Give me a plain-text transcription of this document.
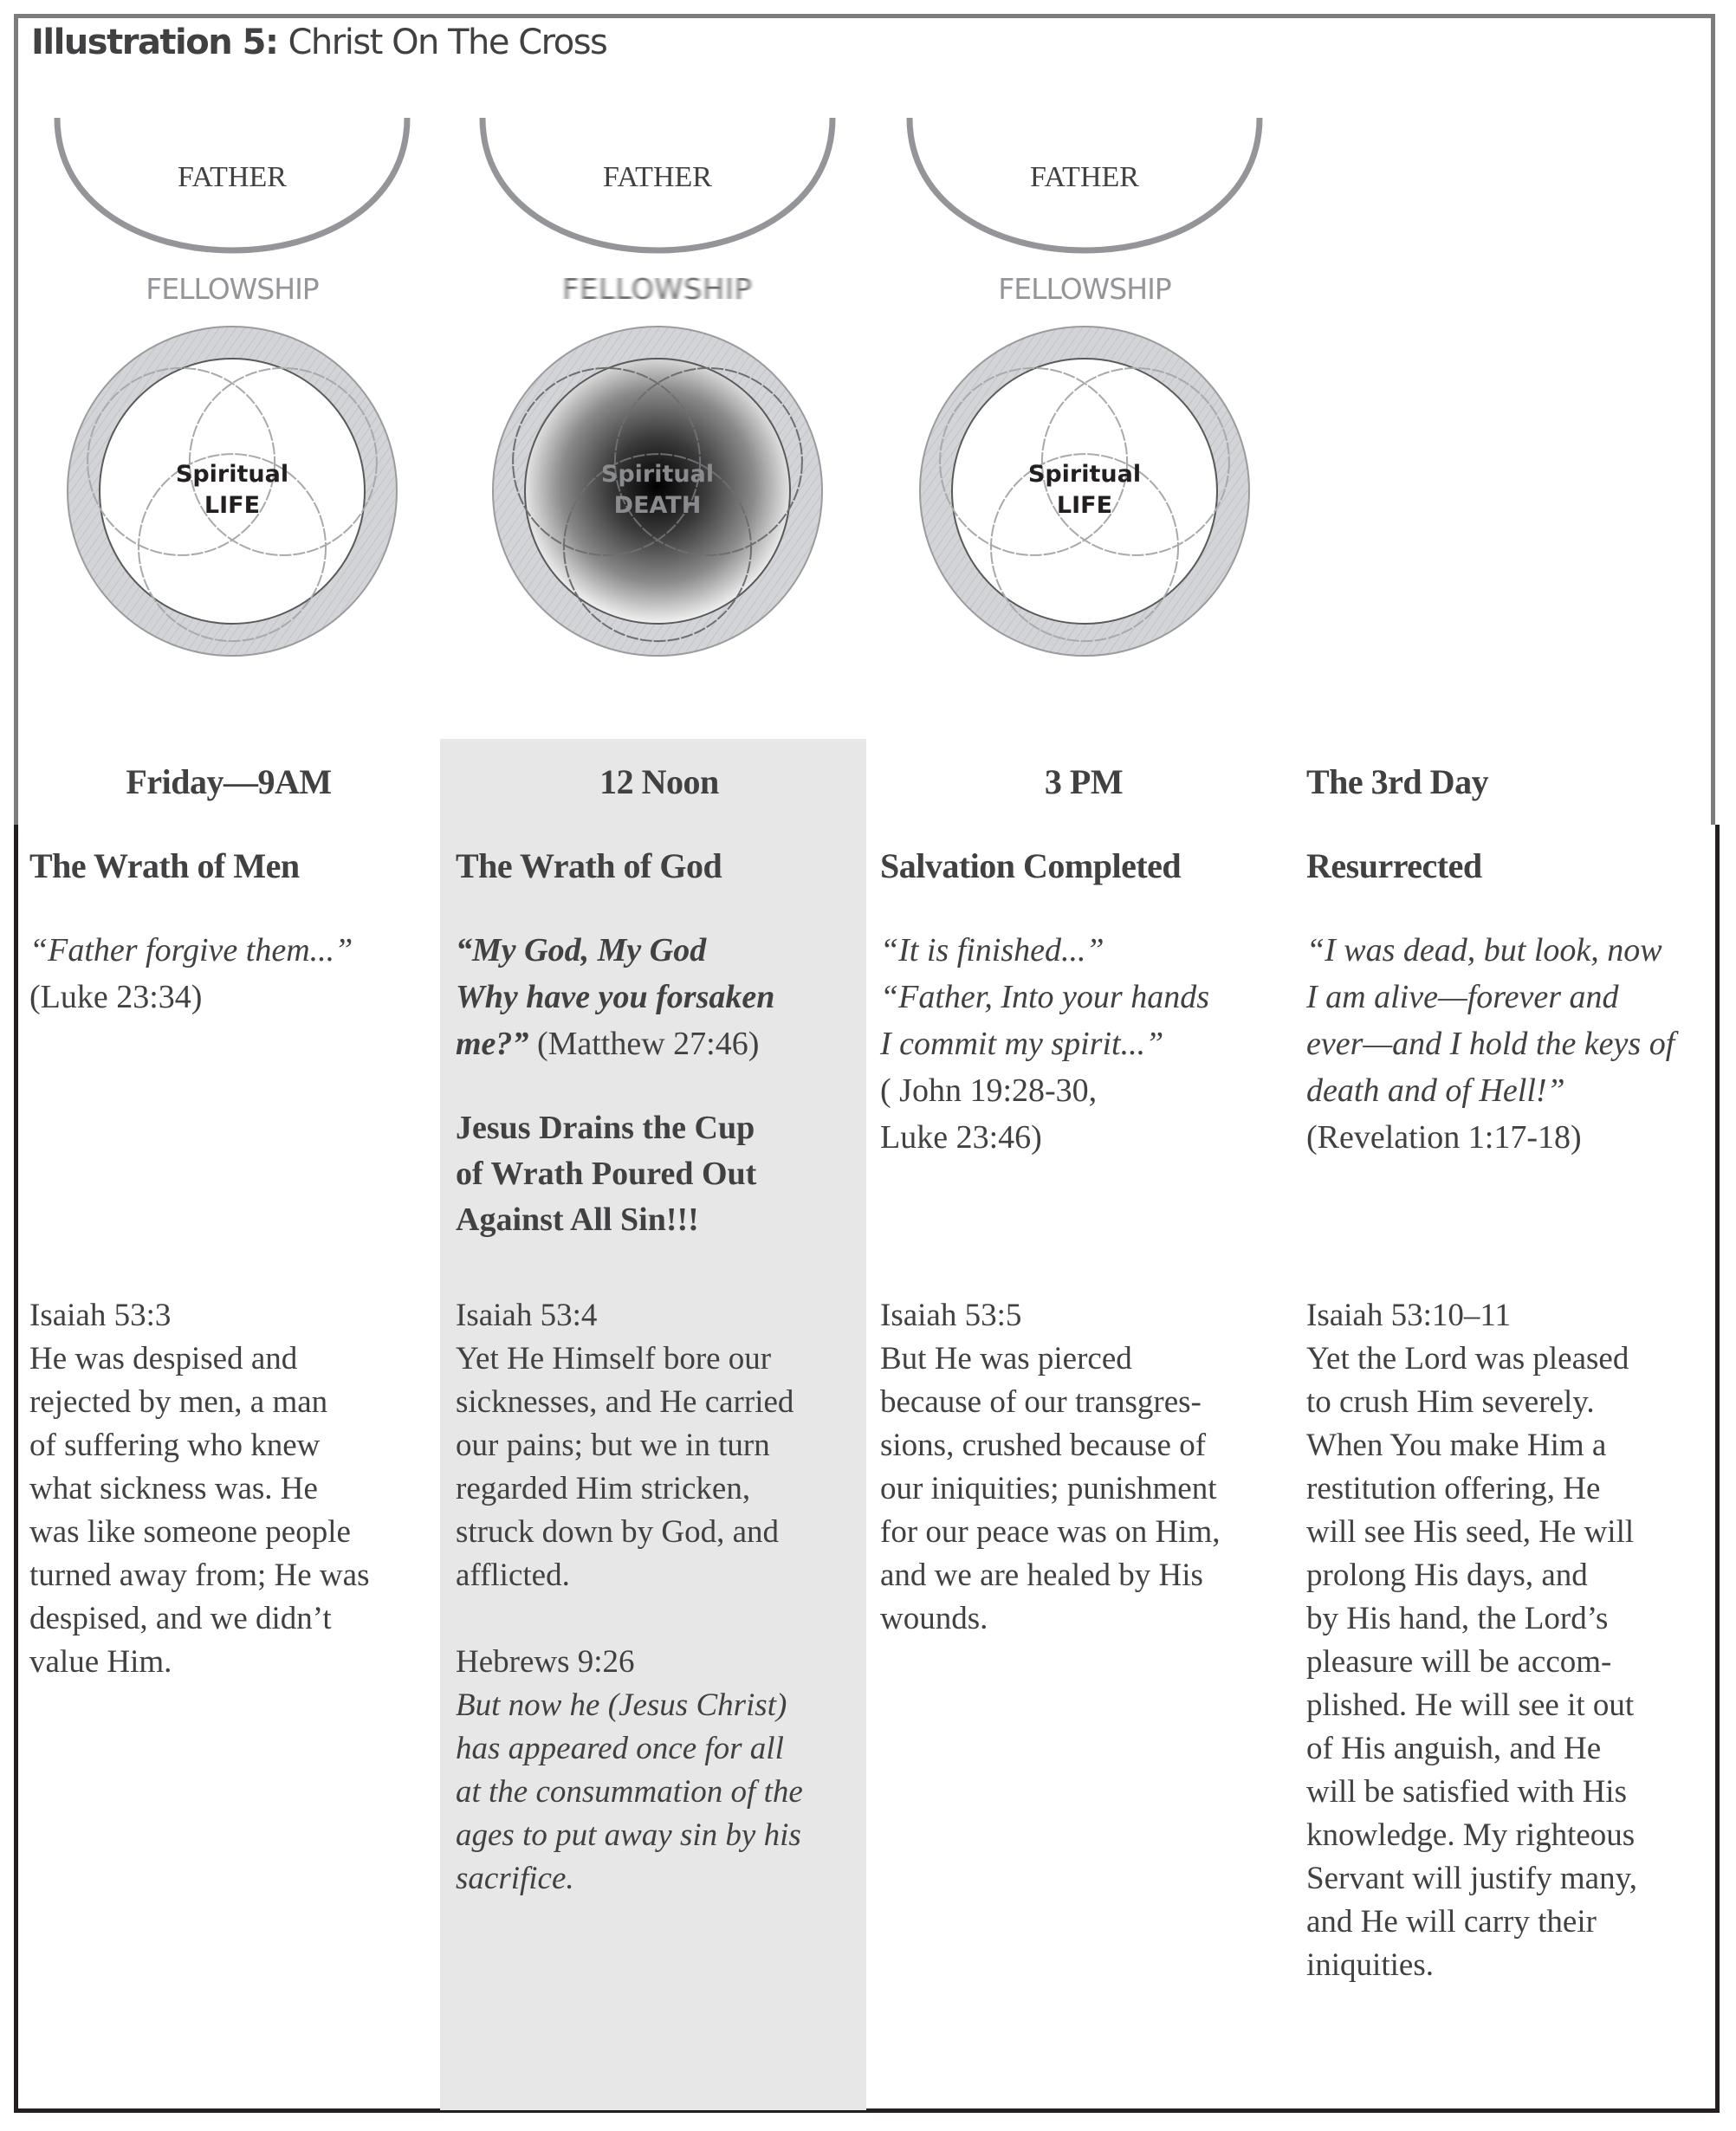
Illustration 5: Christ On The Cross
FATHER
FELLOWSHIP
Spiritual
LIFE
FATHER
FELLOWSHIP
Spiritual
DEATH
FATHER
FELLOWSHIP
Spiritual
LIFE
Friday—9AM
The Wrath of Men
“Father forgive them...”
(Luke 23:34)
Isaiah 53:3
He was despised and
rejected by men, a man
of suffering who knew
what sickness was. He
was like someone people
turned away from; He was
despised, and we didn’t
value Him.
12 Noon
The Wrath of God
“My God, My God
Why have you forsaken
me?” (Matthew 27:46)
Jesus Drains the Cup
of Wrath Poured Out
Against All Sin!!!
Isaiah 53:4
Yet He Himself bore our
sicknesses, and He carried
our pains; but we in turn
regarded Him stricken,
struck down by God, and
afflicted.
Hebrews 9:26
But now he (Jesus Christ)
has appeared once for all
at the consummation of the
ages to put away sin by his
sacrifice.
3 PM
Salvation Completed
“It is finished...”
“Father, Into your hands
I commit my spirit...”
( John 19:28-30,
Luke 23:46)
Isaiah 53:5
But He was pierced
because of our transgres-
sions, crushed because of
our iniquities; punishment
for our peace was on Him,
and we are healed by His
wounds.
The 3rd Day
Resurrected
“I was dead, but look, now
I am alive—forever and
ever—and I hold the keys of
death and of Hell!”
(Revelation 1:17-18)
Isaiah 53:10–11
Yet the Lord was pleased
to crush Him severely.
When You make Him a
restitution offering, He
will see His seed, He will
prolong His days, and
by His hand, the Lord’s
pleasure will be accom-
plished. He will see it out
of His anguish, and He
will be satisfied with His
knowledge. My righteous
Servant will justify many,
and He will carry their
iniquities.
